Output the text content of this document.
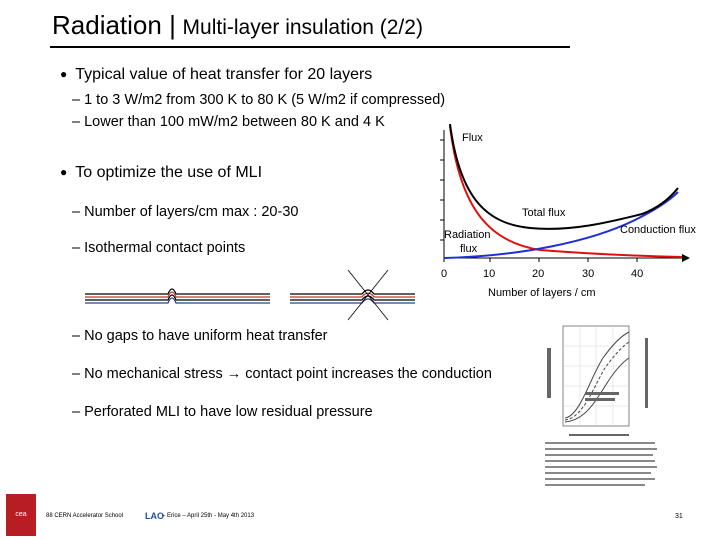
Radiation | Multi-layer insulation (2/2)
● Typical value of heat transfer for 20 layers
– 1 to 3 W/m2 from 300 K to 80 K (5 W/m2 if compressed)
– Lower than 100 mW/m2 between 80 K and 4 K
● To optimize the use of MLI
– Number of layers/cm max : 20-30
– Isothermal contact points
– No gaps to have uniform heat transfer
– No mechanical stress → contact point increases the conduction
– Perforated MLI to have low residual pressure
Flux
Total flux
Conduction flux
Radiation
flux
0	10	20	30	40
Number of layers / cm
cea	88 CERN Accelerator School LAO
– Erice – April 25th - May 4th 2013	31
